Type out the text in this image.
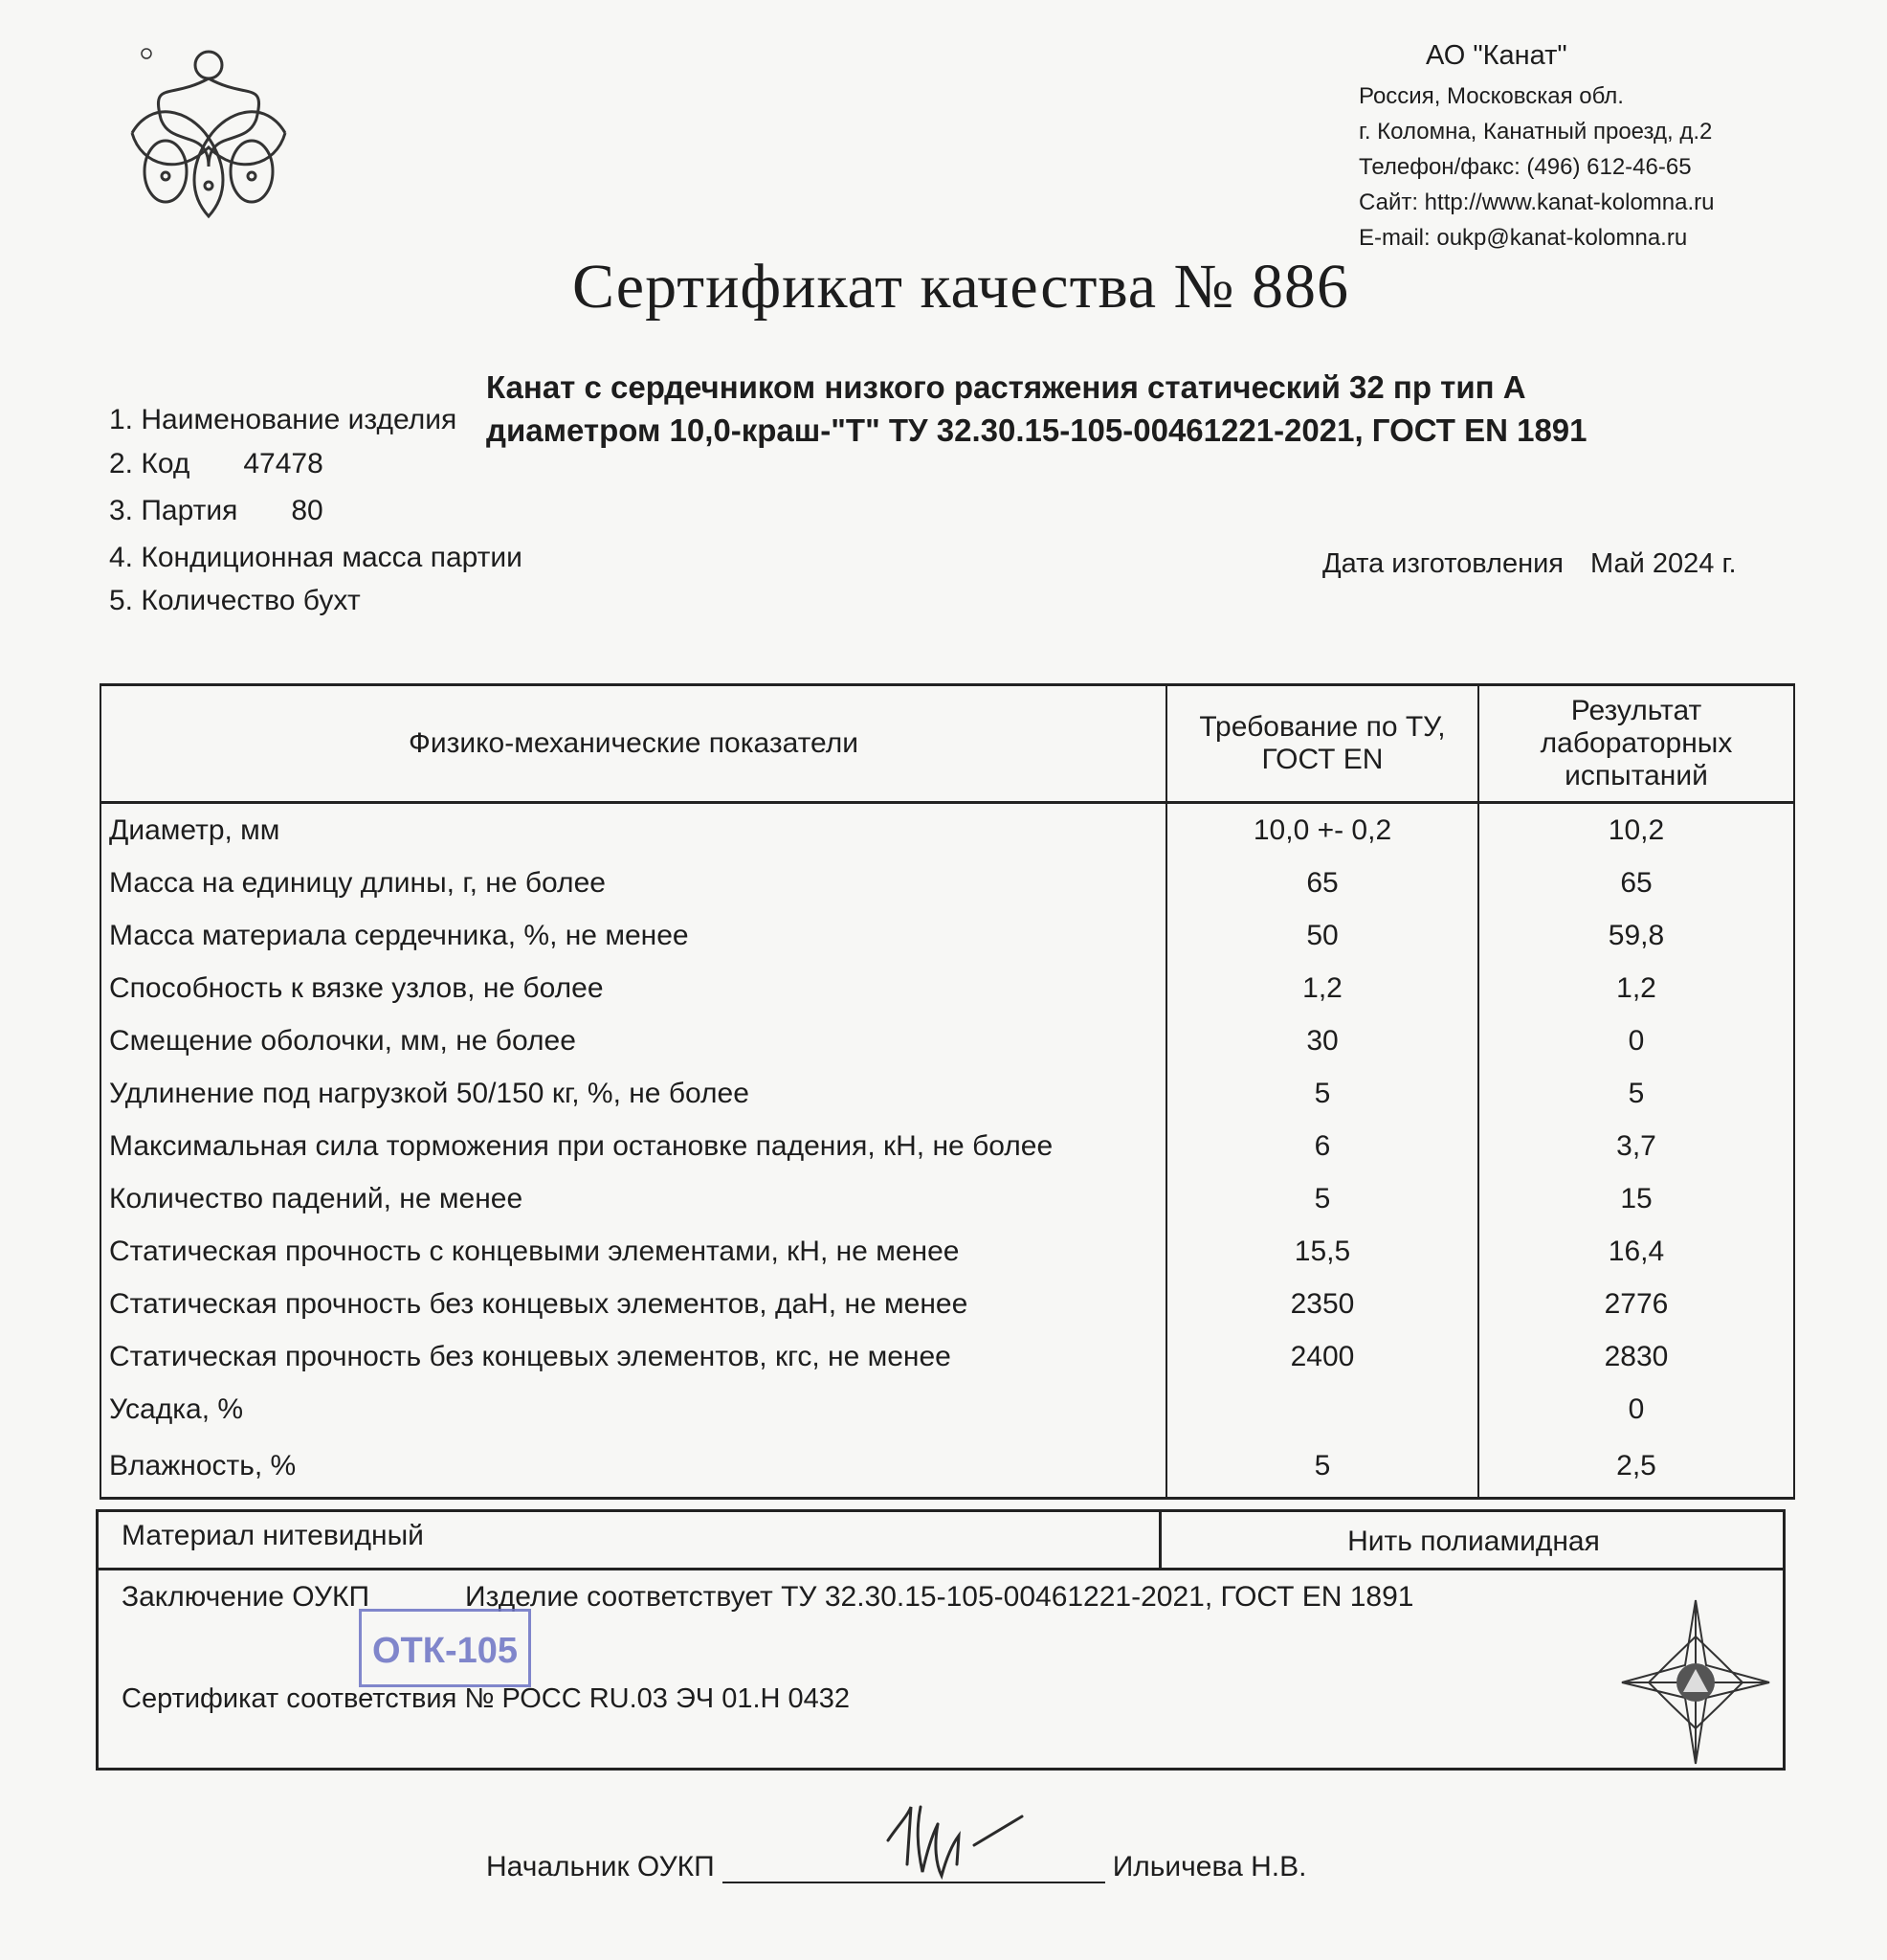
АО "Канат"
Россия, Московская обл.
г. Коломна, Канатный проезд, д.2
Телефон/факс: (496) 612-46-65
Сайт: http://www.kanat-kolomna.ru
E-mail: oukp@kanat-kolomna.ru
Сертификат качества № 886
Канат с сердечником низкого растяжения статический 32 пр тип А
диаметром 10,0-краш-"Т" ТУ 32.30.15-105-00461221-2021, ГОСТ EN 1891
1. Наименование изделия
2. Код 47478
3. Партия 80
4. Кондиционная масса партии
5. Количество бухт
Дата изготовления Май 2024 г.
Физико-механические показатели	Требование по ТУ, ГОСТ EN	Результат лабораторных испытаний
Диаметр, мм	10,0 +- 0,2	10,2
Масса на единицу длины, г, не более	65	65
Масса материала сердечника, %, не менее	50	59,8
Способность к вязке узлов, не более	1,2	1,2
Смещение оболочки, мм, не более	30	0
Удлинение под нагрузкой 50/150 кг, %, не более	5	5
Максимальная сила торможения при остановке падения, кН, не более	6	3,7
Количество падений, не менее	5	15
Статическая прочность с концевыми элементами, кН, не менее	15,5	16,4
Статическая прочность без концевых элементов, даН, не менее	2350	2776
Статическая прочность без концевых элементов, кгс, не менее	2400	2830
Усадка, %		0
Влажность, %	5	2,5
Материал нитевидный	Нить полиамидная
Заключение ОУКП	Изделие соответствует ТУ 32.30.15-105-00461221-2021, ГОСТ EN 1891
ОТК-105
Сертификат соответствия № РОСС RU.03 ЭЧ 01.Н 0432
Начальник ОУКП	Ильичева Н.В.
